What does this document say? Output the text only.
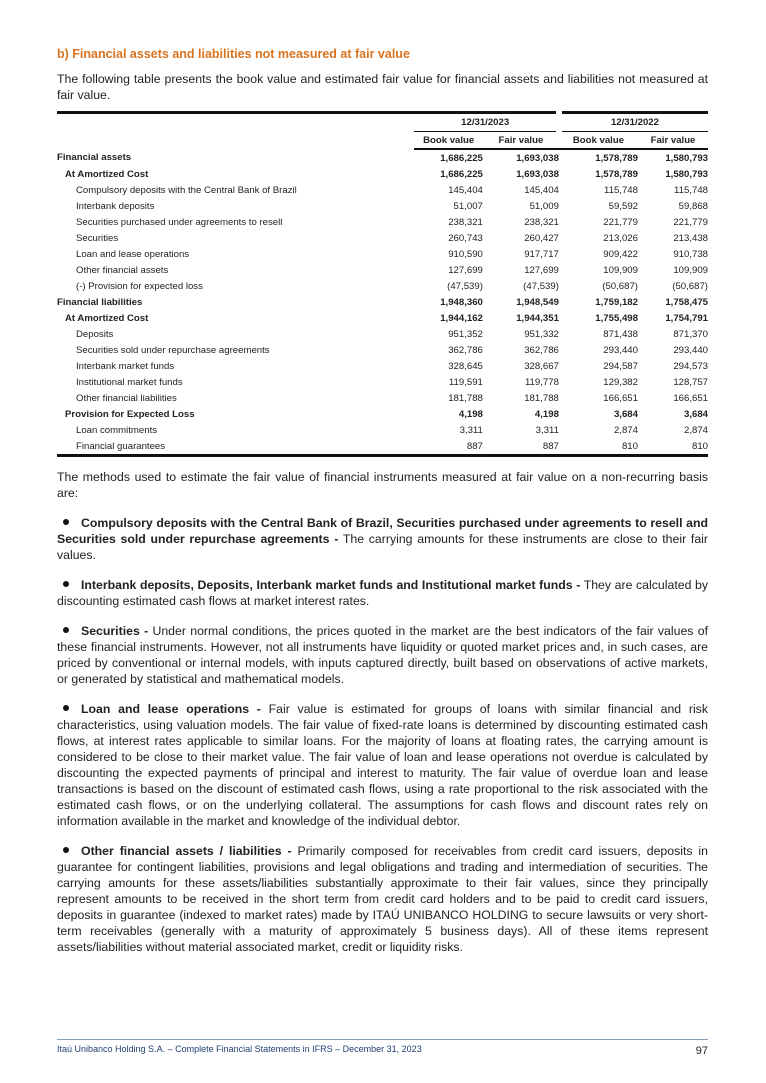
b) Financial assets and liabilities not measured at fair value

The following table presents the book value and estimated fair value for financial assets and liabilities not measured at fair value.

	12/31/2023		12/31/2022	
	Book value	Fair value	Book value	Fair value
Financial assets	1,686,225	1,693,038	1,578,789	1,580,793
At Amortized Cost	1,686,225	1,693,038	1,578,789	1,580,793
Compulsory deposits with the Central Bank of Brazil	145,404	145,404	115,748	115,748
Interbank deposits	51,007	51,009	59,592	59,868
Securities purchased under agreements to resell	238,321	238,321	221,779	221,779
Securities	260,743	260,427	213,026	213,438
Loan and lease operations	910,590	917,717	909,422	910,738
Other financial assets	127,699	127,699	109,909	109,909
(-) Provision for expected loss	(47,539)	(47,539)	(50,687)	(50,687)
Financial liabilities	1,948,360	1,948,549	1,759,182	1,758,475
At Amortized Cost	1,944,162	1,944,351	1,755,498	1,754,791
Deposits	951,352	951,332	871,438	871,370
Securities sold under repurchase agreements	362,786	362,786	293,440	293,440
Interbank market funds	328,645	328,667	294,587	294,573
Institutional market funds	119,591	119,778	129,382	128,757
Other financial liabilities	181,788	181,788	166,651	166,651
Provision for Expected Loss	4,198	4,198	3,684	3,684
Loan commitments	3,311	3,311	2,874	2,874
Financial guarantees	887	887	810	810

The methods used to estimate the fair value of financial instruments measured at fair value on a non-recurring basis are:

Compulsory deposits with the Central Bank of Brazil, Securities purchased under agreements to resell and Securities sold under repurchase agreements - The carrying amounts for these instruments are close to their fair values.

Interbank deposits, Deposits, Interbank market funds and Institutional market funds - They are calculated by discounting estimated cash flows at market interest rates.

Securities - Under normal conditions, the prices quoted in the market are the best indicators of the fair values of these financial instruments. However, not all instruments have liquidity or quoted market prices and, in such cases, are priced by conventional or internal models, with inputs captured directly, built based on observations of active markets, or generated by statistical and mathematical models.

Loan and lease operations - Fair value is estimated for groups of loans with similar financial and risk characteristics, using valuation models. The fair value of fixed-rate loans is determined by discounting estimated cash flows, at interest rates applicable to similar loans. For the majority of loans at floating rates, the carrying amount is considered to be close to their market value. The fair value of loan and lease operations not overdue is calculated by discounting the expected payments of principal and interest to maturity. The fair value of overdue loan and lease transactions is based on the discount of estimated cash flows, using a rate proportional to the risk associated with the estimated cash flows, or on the underlying collateral. The assumptions for cash flows and discount rates rely on information available in the market and knowledge of the individual debtor.

Other financial assets / liabilities - Primarily composed for receivables from credit card issuers, deposits in guarantee for contingent liabilities, provisions and legal obligations and trading and intermediation of securities. The carrying amounts for these assets/liabilities substantially approximate to their fair values, since they principally represent amounts to be received in the short term from credit card holders and to be paid to credit card issuers, deposits in guarantee (indexed to market rates) made by ITAÚ UNIBANCO HOLDING to secure lawsuits or very short-term receivables (generally with a maturity of approximately 5 business days). All of these items represent assets/liabilities without material associated market, credit or liquidity risks.

Itaú Unibanco Holding S.A. – Complete Financial Statements in IFRS – December 31, 2023	97
